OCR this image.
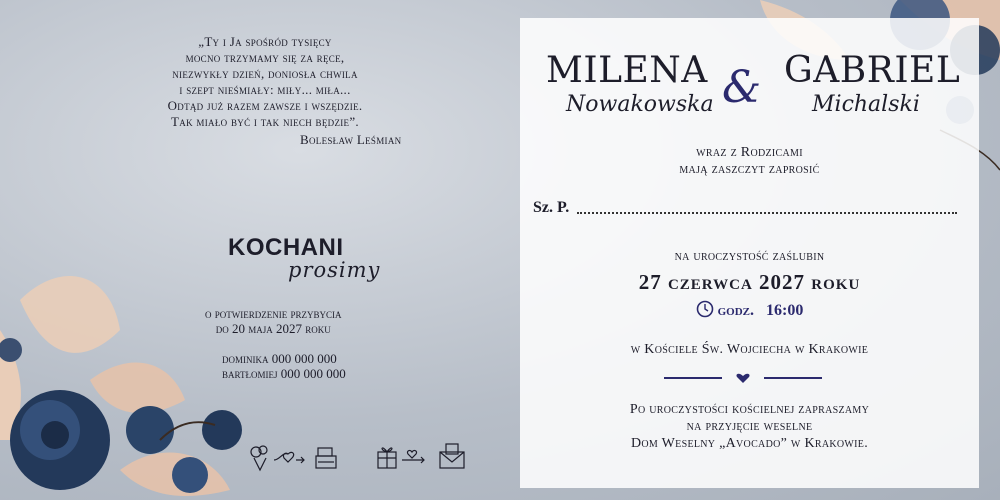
„Ty i Ja spośród tysięcy
mocno trzymamy się za ręce,
niezwykły dzień, doniosła chwila
i szept nieśmiały: miły... miła...
Odtąd już razem zawsze i wszędzie.
Tak miało być i tak niech będzie”.
Bolesław Leśmian
KOCHANI
prosimy
o potwierdzenie przybycia
do 20 maja 2027 roku
dominika 000 000 000
bartłomiej 000 000 000
MILENA
Nowakowska & GABRIEL
Michalski
wraz z Rodzicami
mają zaszczyt zaprosić
Sz. P.
na uroczystość zaślubin
27 czerwca 2027 roku
godz. 16:00
w Kościele Św. Wojciecha w Krakowie
Po uroczystości kościelnej zapraszamy
na przyjęcie weselne
Dom Weselny „Avocado” w Krakowie.
